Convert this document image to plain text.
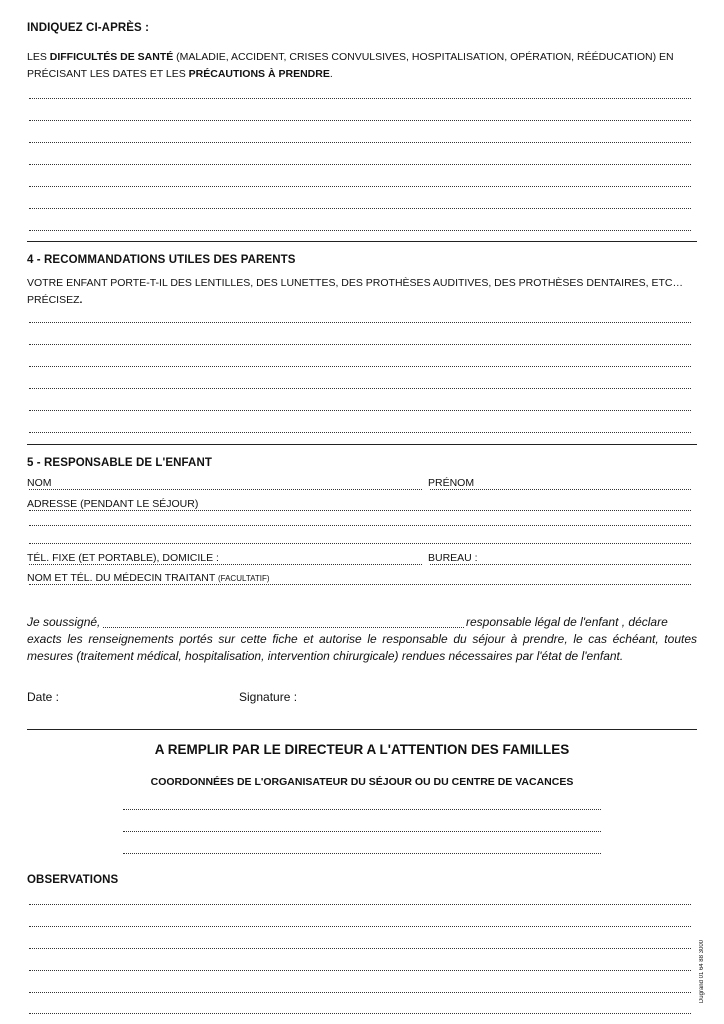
INDIQUEZ CI-APRÈS :
LES DIFFICULTÉS DE SANTÉ (MALADIE, ACCIDENT, CRISES CONVULSIVES, HOSPITALISATION, OPÉRATION, RÉÉDUCATION) EN PRÉCISANT LES DATES ET LES PRÉCAUTIONS À PRENDRE.
4 - RECOMMANDATIONS UTILES DES PARENTS
VOTRE ENFANT PORTE-T-IL DES LENTILLES, DES LUNETTES, DES PROTHÈSES AUDITIVES, DES PROTHÈSES DENTAIRES, ETC… PRÉCISEZ.
5 - RESPONSABLE DE L'ENFANT
NOM	PRÉNOM
ADRESSE (PENDANT LE SÉJOUR)
TÉL. FIXE (ET PORTABLE), DOMICILE :	BUREAU :
NOM ET TÉL. DU MÉDECIN TRAITANT (FACULTATIF)
Je soussigné,	responsable légal de l'enfant , déclare
exacts les renseignements portés sur cette fiche et autorise le responsable du séjour à prendre, le cas échéant, toutes mesures (traitement médical, hospitalisation, intervention chirurgicale) rendues nécessaires par l'état de l'enfant.
Date :	Signature :
A REMPLIR PAR LE DIRECTEUR A L'ATTENTION DES FAMILLES
COORDONNÉES DE L'ORGANISATEUR DU SÉJOUR OU DU CENTRE DE VACANCES
OBSERVATIONS
Dugrand 01 64 88 3000
